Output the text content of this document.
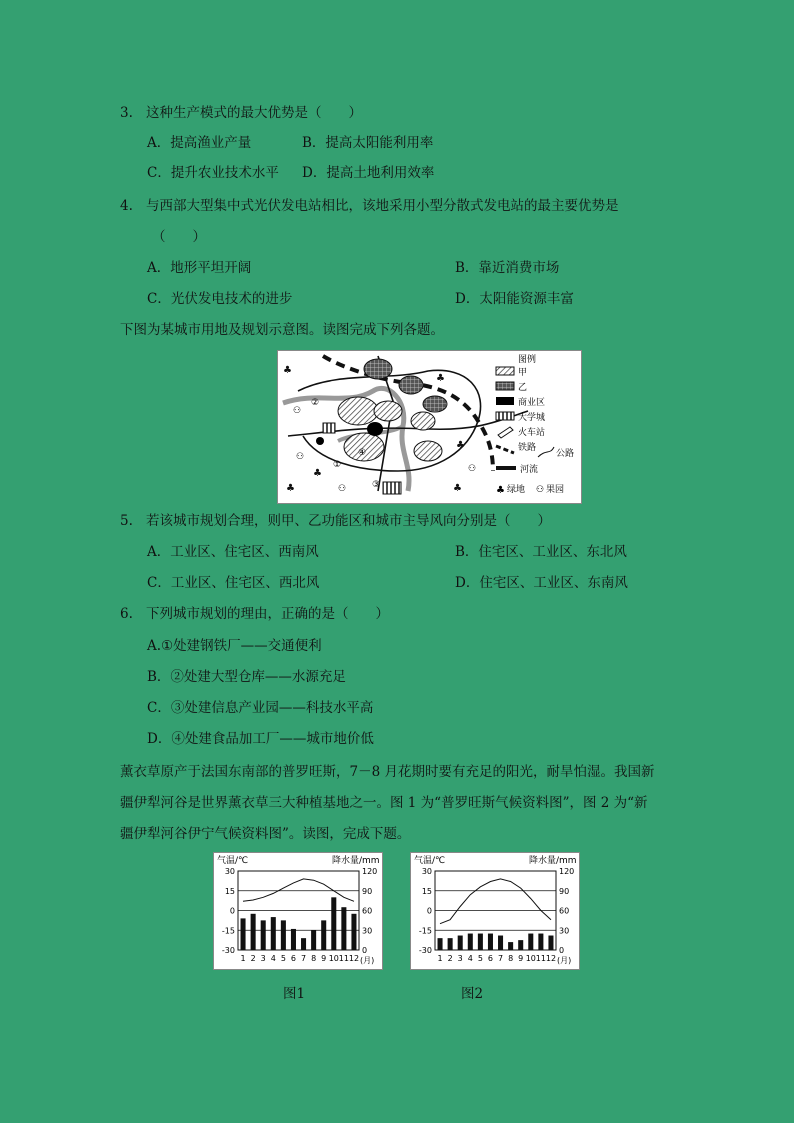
3. 这种生产模式的最大优势是（　　）
A．提高渔业产量	B．提高太阳能利用率
C．提升农业技术水平 D．提高土地利用效率
4. 与西部大型集中式光伏发电站相比，该地采用小型分散式发电站的最主要优势是
（　　）
A．地形平坦开阔	B．靠近消费市场
C．光伏发电技术的进步	D．太阳能资源丰富
下图为某城市用地及规划示意图。读图完成下列各题。
♣
♣
♣
♣
♣
♣
⚇
⚇
⚇
⚇
②
①
③
④
图例
甲
乙
商业区
大学城
火车站
铁路
公路
河流
♣ 绿地 ⚇ 果园
5. 若该城市规划合理，则甲、乙功能区和城市主导风向分别是（　　）
A．工业区、住宅区、西南风	B．住宅区、工业区、东北风
C．工业区、住宅区、西北风	D．住宅区、工业区、东南风
6. 下列城市规划的理由，正确的是（　　）
A.①处建钢铁厂——交通便利
B．②处建大型仓库——水源充足
C．③处建信息产业园——科技水平高
D．④处建食品加工厂——城市地价低
薰衣草原产于法国东南部的普罗旺斯，7－8 月花期时要有充足的阳光，耐旱怕湿。我国新
疆伊犁河谷是世界薰衣草三大种植基地之一。图 1 为“普罗旺斯气候资料图”，图 2 为“新
疆伊犁河谷伊宁气候资料图”。读图，完成下题。
气温/℃	降水量/mm
30
15
0
-15
-30
120
90
60
30
0
1 2 3 4 5 6 7 8 9 10 11 12 (月)
气温/℃	降水量/mm
30
15
0
-15
-30
120
90
60
30
0
1 2 3 4 5 6 7 8 9 10 11 12 (月)
图1	图2
